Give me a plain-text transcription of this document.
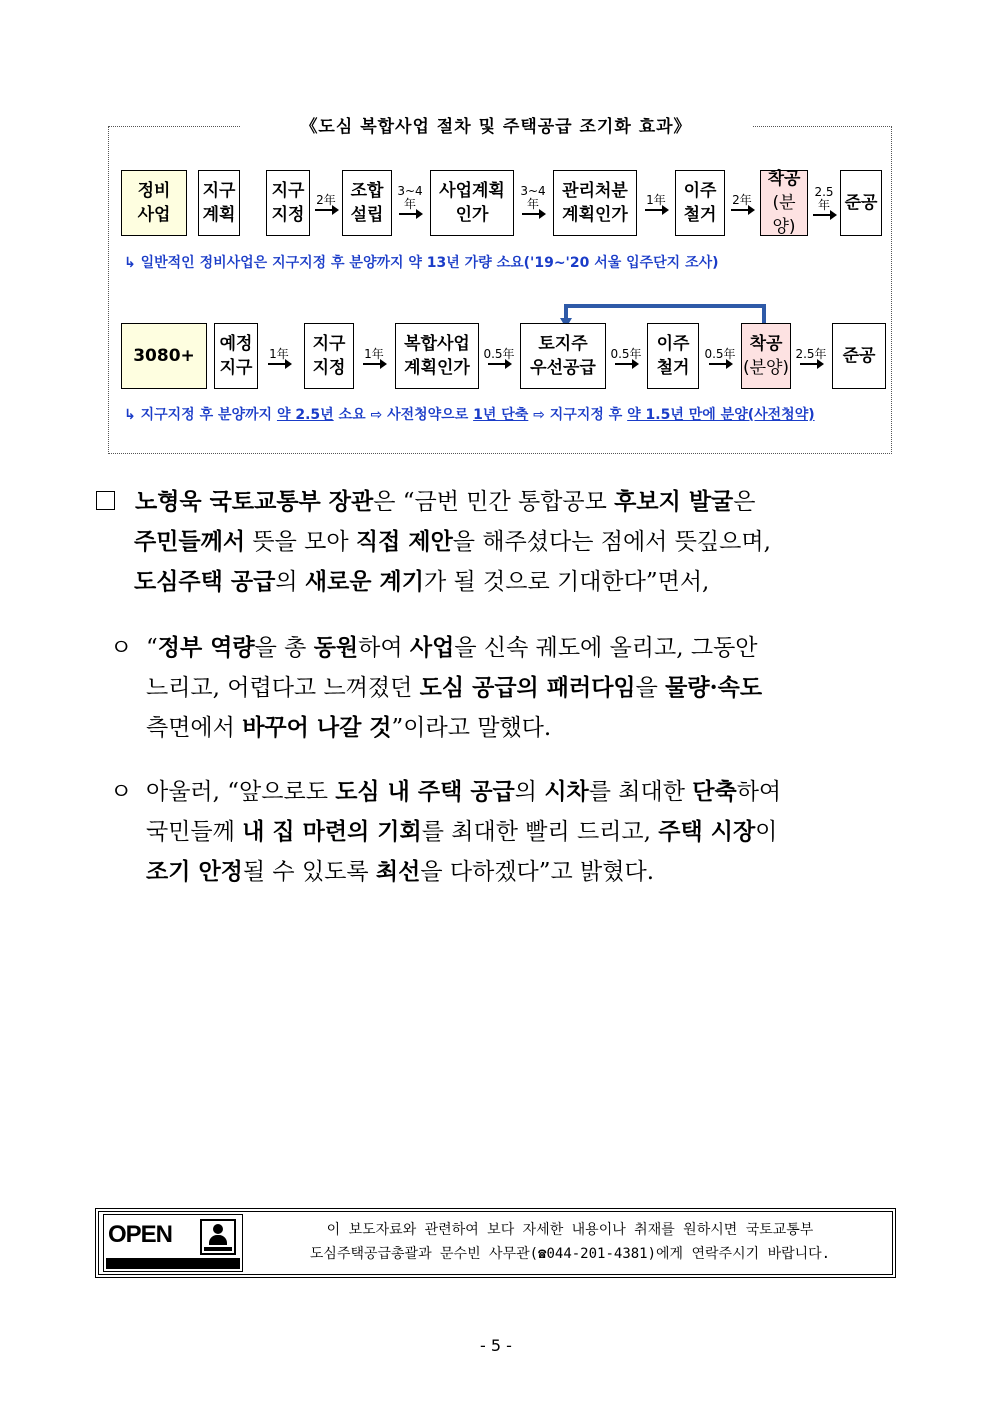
《도심 복합사업 절차 및 주택공급 조기화 효과》
정비
사업
지구
계획
지구
지정
2年 조합
설립
3~4
年
사업계획
인가
3~4
年
관리처분
계획인가
1年	이주
철거
2年
착공
(분양)
2.5
年 준공
↳ 일반적인 정비사업은 지구지정 후 분양까지 약 13년 가량 소요('19~'20 서울 입주단지 조사)
3080+
예정
지구
1年	지구
지정
1年	복합사업
계획인가
0.5年	토지주
우선공급
0.5年 이주
철거
0.5年 착공
(분양)
2.5年 준공
↳ 지구지정 후 분양까지 약 2.5년 소요 ⇨ 사전청약으로 1년 단축 ⇨ 지구지정 후 약 1.5년 만에 분양(사전청약)
노형욱 국토교통부 장관은 “금번 민간 통합공모 후보지 발굴은
주민들께서 뜻을 모아 직접 제안을 해주셨다는 점에서 뜻깊으며,
도심주택 공급의 새로운 계기가 될 것으로 기대한다”면서,
ㅇ “정부 역량을 총 동원하여 사업을 신속 궤도에 올리고, 그동안
느리고, 어렵다고 느껴졌던 도심 공급의 패러다임을 물량·속도
측면에서 바꾸어 나갈 것”이라고 말했다.
ㅇ 아울러, “앞으로도 도심 내 주택 공급의 시차를 최대한 단축하여
국민들께 내 집 마련의 기회를 최대한 빨리 드리고, 주택 시장이
조기 안정될 수 있도록 최선을 다하겠다”고 밝혔다.
OPEN	이 보도자료와 관련하여 보다 자세한 내용이나 취재를 원하시면 국토교통부
도심주택공급총괄과 문수빈 사무관(☎044-201-4381)에게 연락주시기 바랍니다.
- 5 -
